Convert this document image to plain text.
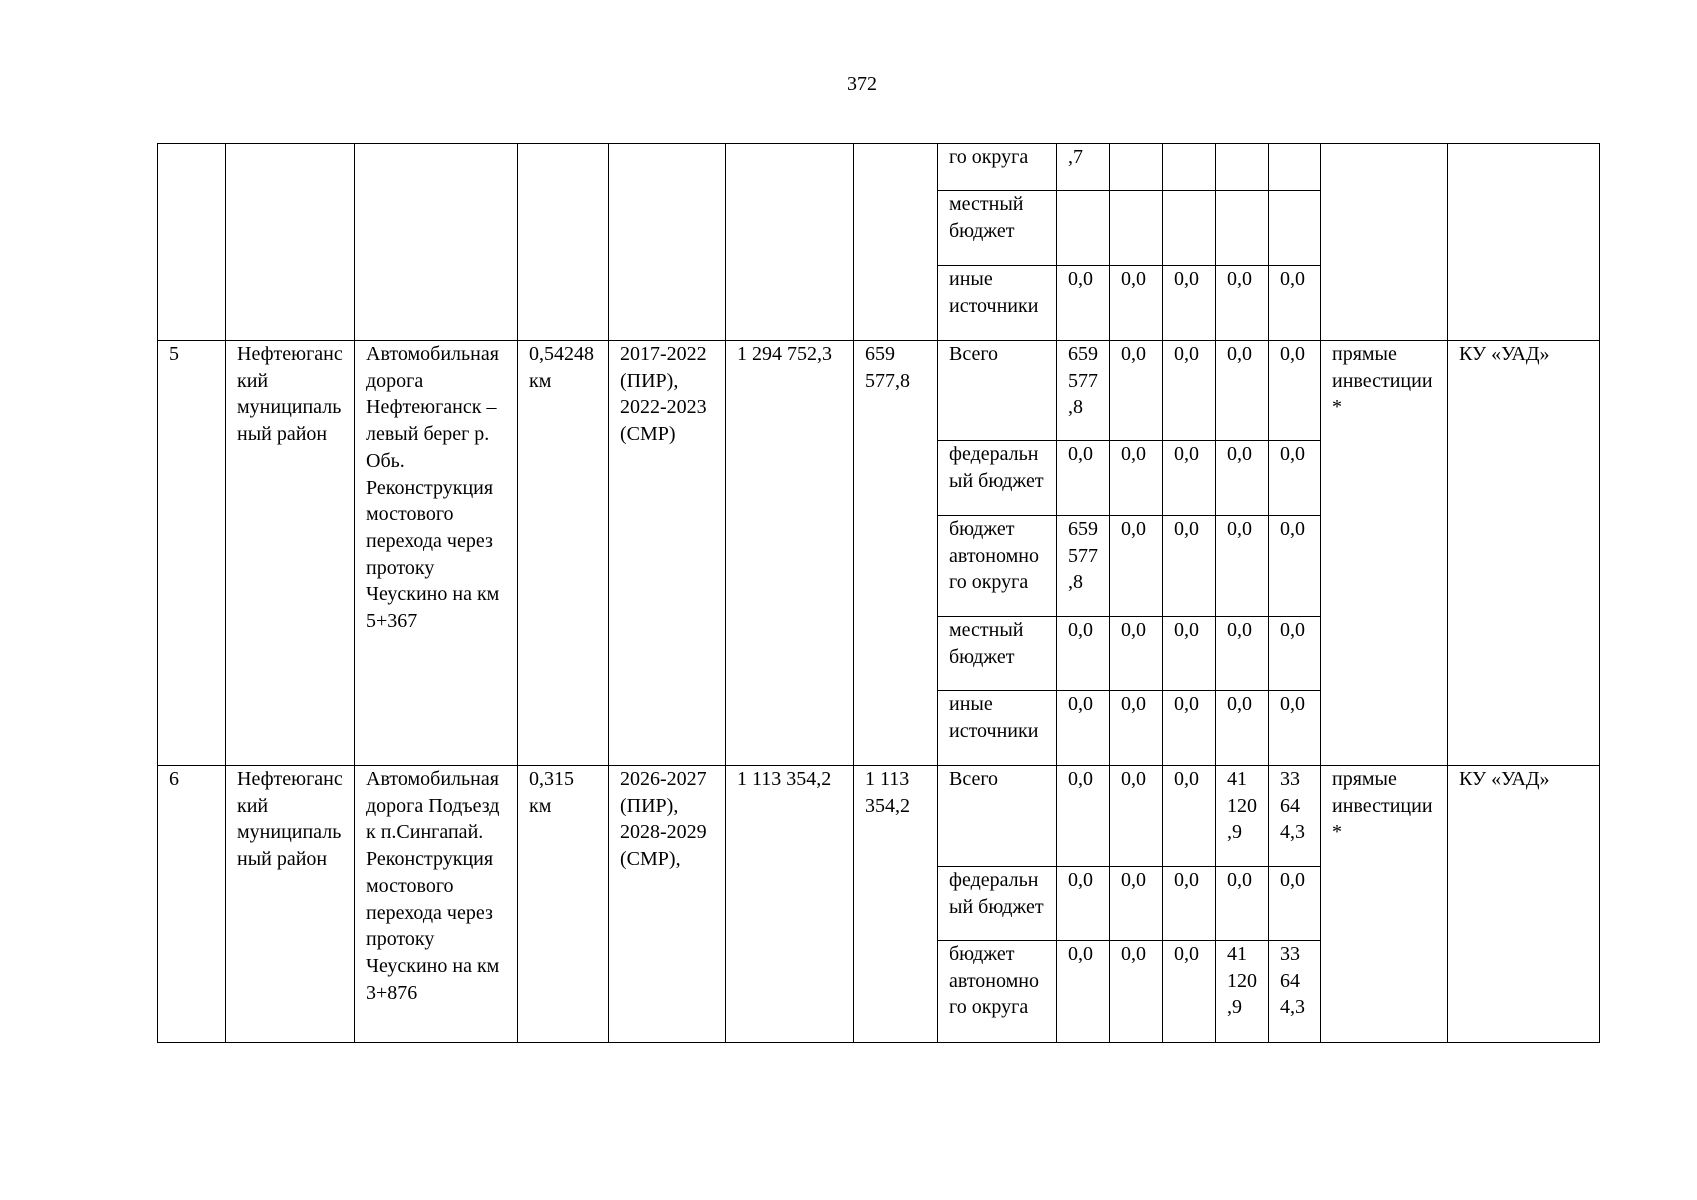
372
							го округа	,7						
							местный бюджет							
							иные источники	0,0	0,0	0,0	0,0	0,0		
5	Нефтеюганский муниципальный район	Автомобильная дорога Нефтеюганск – левый берег р. Обь. Реконструкция мостового перехода через протоку Чеускино на км 5+367	0,54248 км	2017-2022 (ПИР), 2022-2023 (СМР)	1 294 752,3	659 577,8	Всего	659 577,8	0,0	0,0	0,0	0,0	прямые инвестиции *	КУ «УАД»
							федеральный бюджет	0,0	0,0	0,0	0,0	0,0		
							бюджет автономного округа	659 577,8	0,0	0,0	0,0	0,0		
							местный бюджет	0,0	0,0	0,0	0,0	0,0		
							иные источники	0,0	0,0	0,0	0,0	0,0		
6	Нефтеюганский муниципальный район	Автомобильная дорога Подъезд к п.Сингапай. Реконструкция мостового перехода через протоку Чеускино на км 3+876	0,315 км	2026-2027 (ПИР), 2028-2029 (СМР),	1 113 354,2	1 113 354,2	Всего	0,0	0,0	0,0	41 120,9	33 644,3	прямые инвестиции *	КУ «УАД»
							федеральный бюджет	0,0	0,0	0,0	0,0	0,0		
							бюджет автономного округа	0,0	0,0	0,0	41 120,9	33 644,3		
